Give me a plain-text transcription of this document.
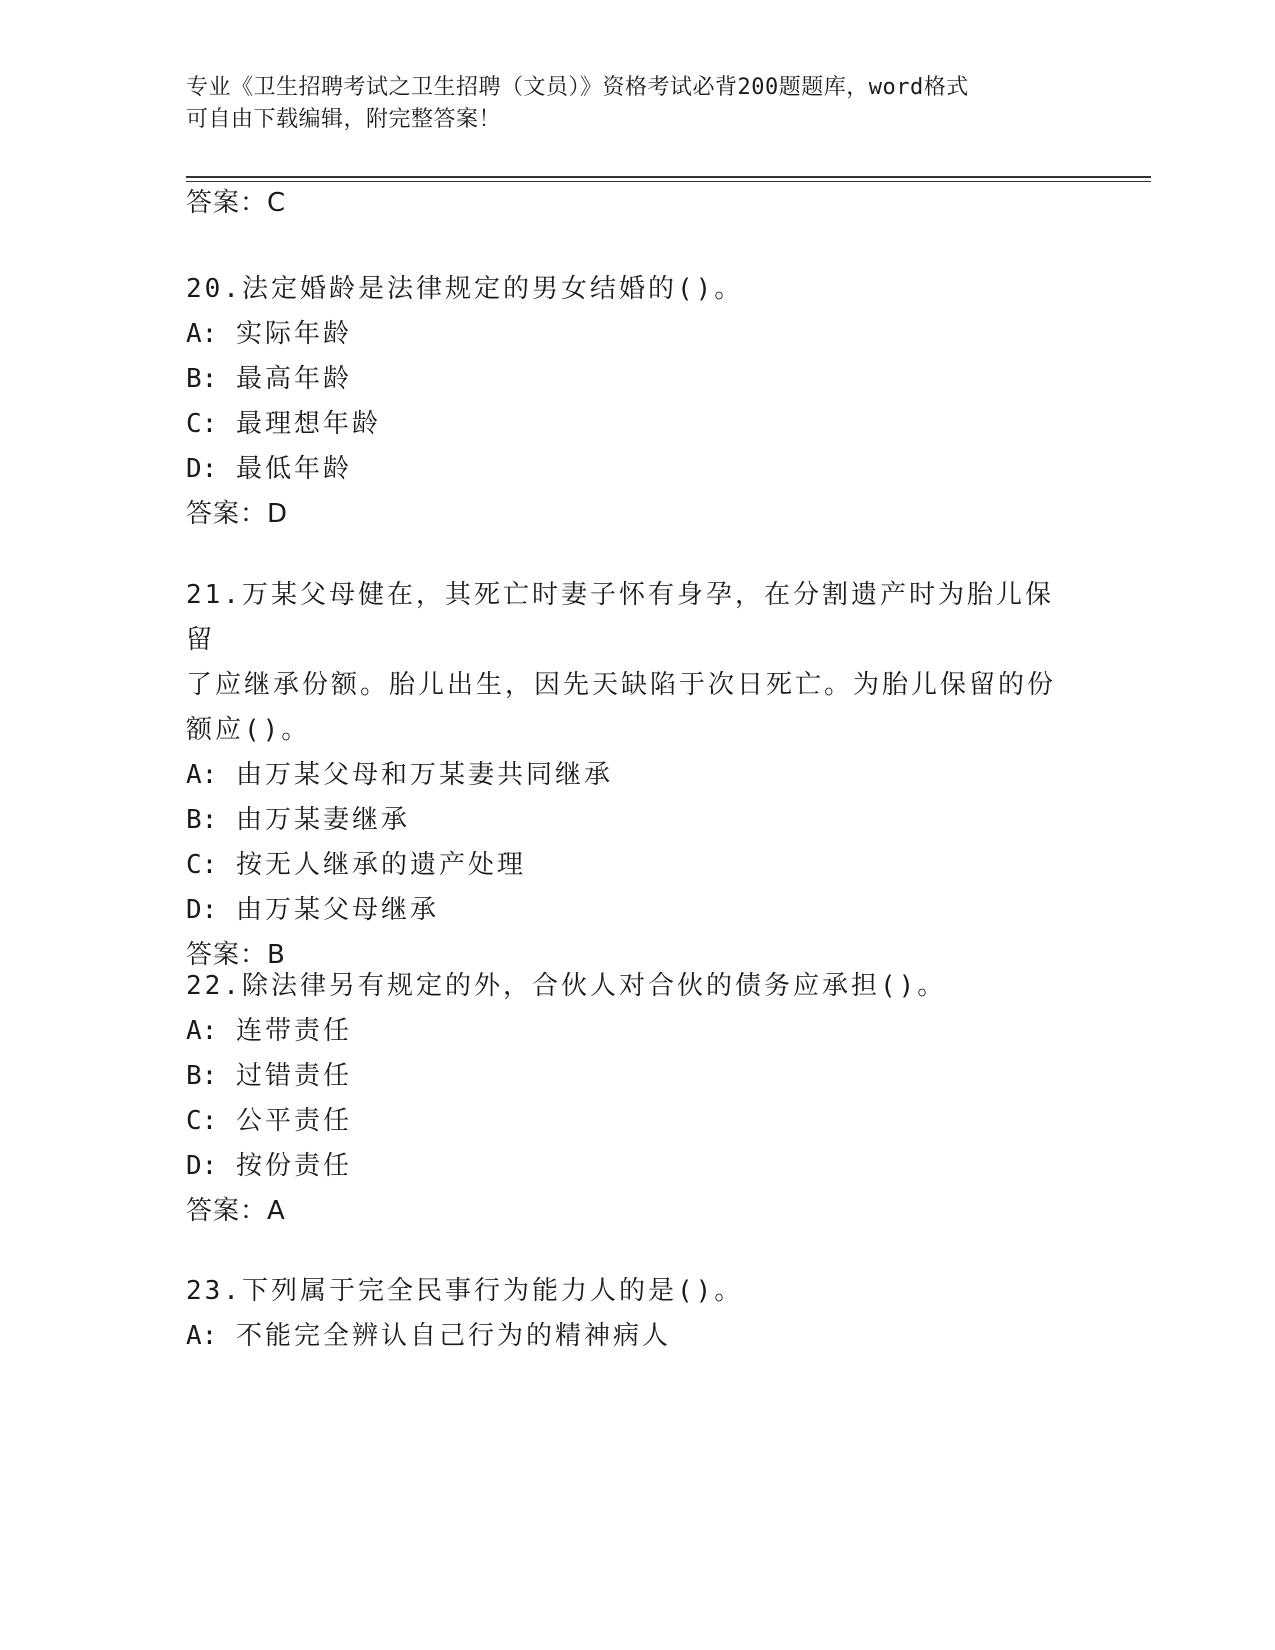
专业《卫生招聘考试之卫生招聘（文员）》资格考试必背200题题库，word格式
可自由下载编辑，附完整答案！
答案：C

20.法定婚龄是法律规定的男女结婚的()。

A: 实际年龄

B: 最高年龄

C: 最理想年龄

D: 最低年龄

答案：D

21.万某父母健在，其死亡时妻子怀有身孕，在分割遗产时为胎儿保留

了应继承份额。胎儿出生，因先天缺陷于次日死亡。为胎儿保留的份

额应()。

A: 由万某父母和万某妻共同继承

B: 由万某妻继承

C: 按无人继承的遗产处理

D: 由万某父母继承

答案：B

22.除法律另有规定的外，合伙人对合伙的债务应承担()。

A: 连带责任

B: 过错责任

C: 公平责任

D: 按份责任

答案：A

23.下列属于完全民事行为能力人的是()。

A: 不能完全辨认自己行为的精神病人
